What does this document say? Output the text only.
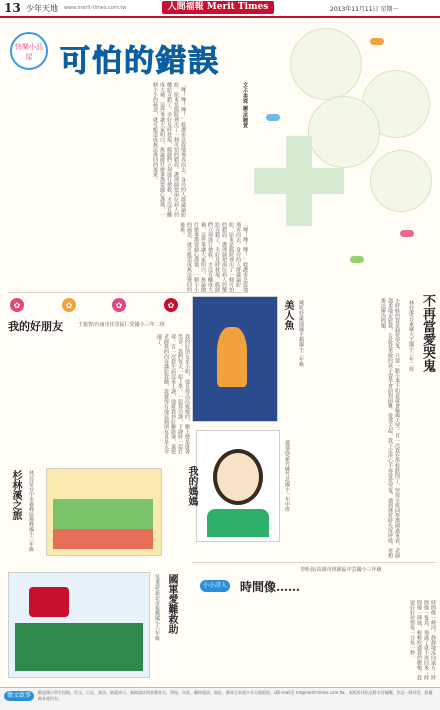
13 少年天地 www.merit-times.com.tw	人間福報 Merit Times	2013年11月11日 星期一
快樂小品屋 可怕的錯誤
「嗶！嗶！嗶！」救護車急促地飛奔而去，身旁的人群議論紛紛，原來是醫院裡出了一個可怕的錯誤。護理師把兩位病人的藥給弄錯了，幸好及時發現，醫師們立刻進行搶救，才沒有釀成大禍。這件事讓大家明白，無論做什麼事都要細心謹慎，一個小小的疏忽，就可能造成無法挽回的後果。	文/小美珠 圖/洪曉萱
「嗶！嗶！嗶！」救護車急促地飛奔而去，身旁的人群議論紛紛，原來是醫院裡出了一個可怕的錯誤。護理師把兩位病人的藥給弄錯了，幸好及時發現，醫師們立刻進行搶救，才沒有釀成大禍。這件事讓大家明白，無論做什麼事都要細心謹慎，一個小小的疏忽，就可能造成無法挽回的後果。
✿	✿	✿	✿
我的好朋友	王俊智/台南市佳里區仁愛國小三年二班
我的好朋友是小明，他長得高高瘦瘦的，臉上總是掛著笑容。我們每天一起上學，一起寫功課，下課時一起打球。有一次我生病沒來上課，他幫我抄好聯絡簿，還把老師教的內容講給我聽，我覺得有他這個朋友真是太幸運了。
美人魚	陳昕妤/桃園縣平鎮國小二年級
我的媽媽	蕭郁庭/新竹縣竹北國小一年甲班
杉林溪之旅	林冠廷/台中市霧峰區霧峰國小三年級
吳秉諺/新北市板橋國小六年級 國軍愛難救助	小小詩人 時間像……
李昕晨/高雄市林園區中芸國小三年級
時間像一條河，靜靜地流向遠方；時間像一隻鳥，飛過了就不再回來；時間像一陣風，輕輕吹過我的臉頰。我要好好珍惜每一分每一秒。
不再當愛哭鬼
林妤潔/台東縣大王國小三年二班
小時候的我是個愛哭鬼，只要一點小事不如意就會嚎啕大哭。有一次我在學校跌倒了，哭得全班同學都圍過來看，老師溫柔地安慰我，告訴我勇敢的孩子要學會面對困難。從那天起，我下定決心不再當愛哭鬼，遇到挫折時先深呼吸，再想辦法解決問題。
徵文啟事	歡迎國小學生投稿，作文、日記、童詩、繪畫皆可。來稿請註明真實姓名、學校、年級、聯絡電話、地址，郵寄至本報少年天地版收，或E-mail至 mt@merit-times.com.tw。本版所刊作品將支付稿酬，作品一經刊登，版權歸本報所有。
